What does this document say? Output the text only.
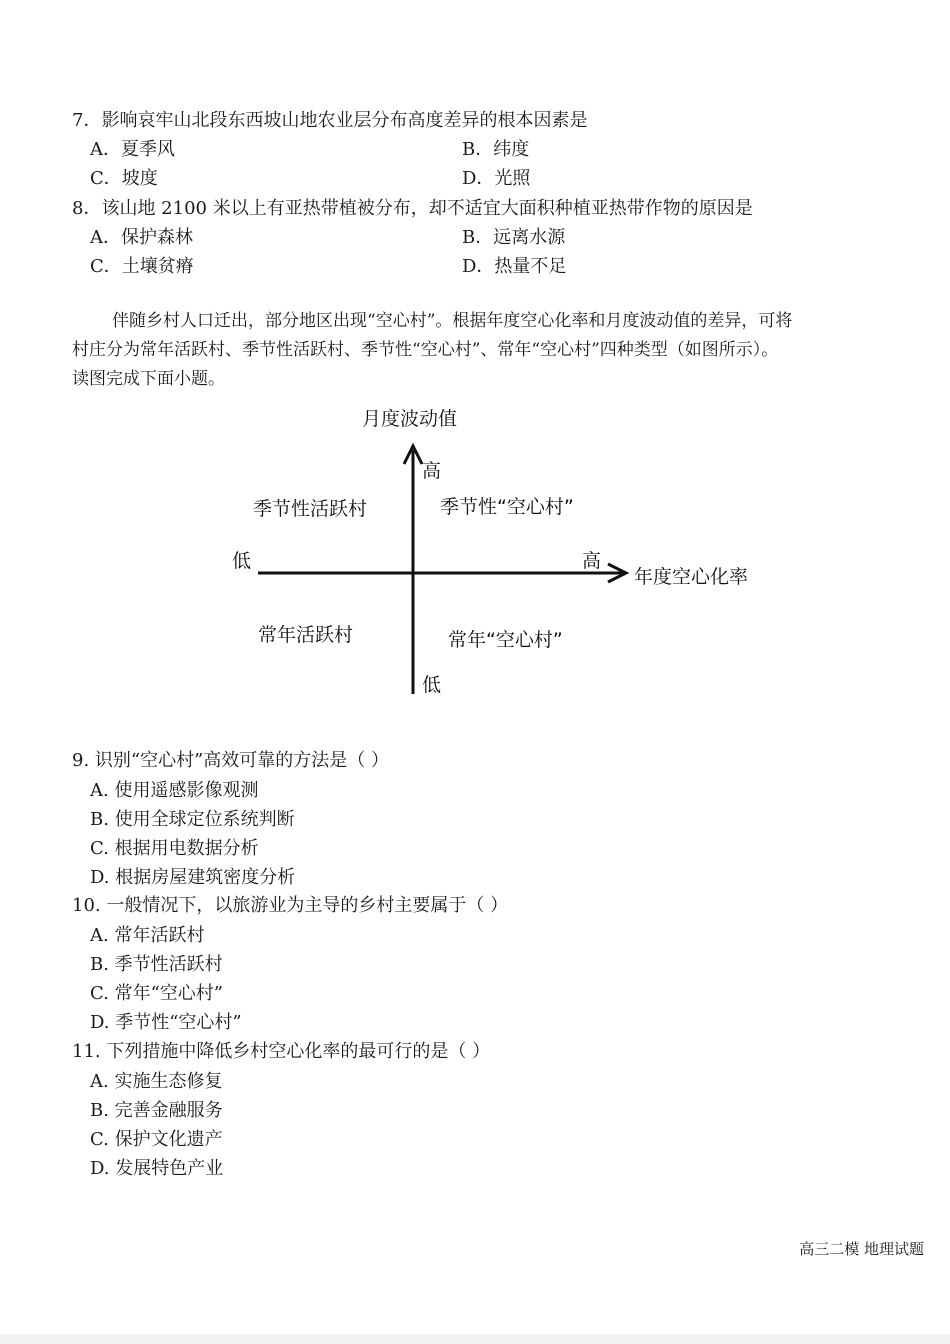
7．影响哀牢山北段东西坡山地农业层分布高度差异的根本因素是
A．夏季风	B．纬度
C．坡度	D．光照
8．该山地 2100 米以上有亚热带植被分布，却不适宜大面积种植亚热带作物的原因是
A．保护森林	B．远离水源
C．土壤贫瘠	D．热量不足

伴随乡村人口迁出，部分地区出现“空心村”。根据年度空心化率和月度波动值的差异，可将

村庄分为常年活跃村、季节性活跃村、季节性“空心村”、常年“空心村”四种类型（如图所示）。

读图完成下面小题。

月度波动值
高
低
低	高
年度空心化率
季节性活跃村	季节性“空心村”
常年活跃村	常年“空心村”
9. 识别“空心村”高效可靠的方法是（ ）
A. 使用遥感影像观测
B. 使用全球定位系统判断
C. 根据用电数据分析
D. 根据房屋建筑密度分析
10. 一般情况下，以旅游业为主导的乡村主要属于（ ）
A. 常年活跃村
B. 季节性活跃村
C. 常年“空心村”
D. 季节性“空心村”
11. 下列措施中降低乡村空心化率的最可行的是（ ）
A. 实施生态修复
B. 完善金融服务
C. 保护文化遗产
D. 发展特色产业
高三二模 地理试题
